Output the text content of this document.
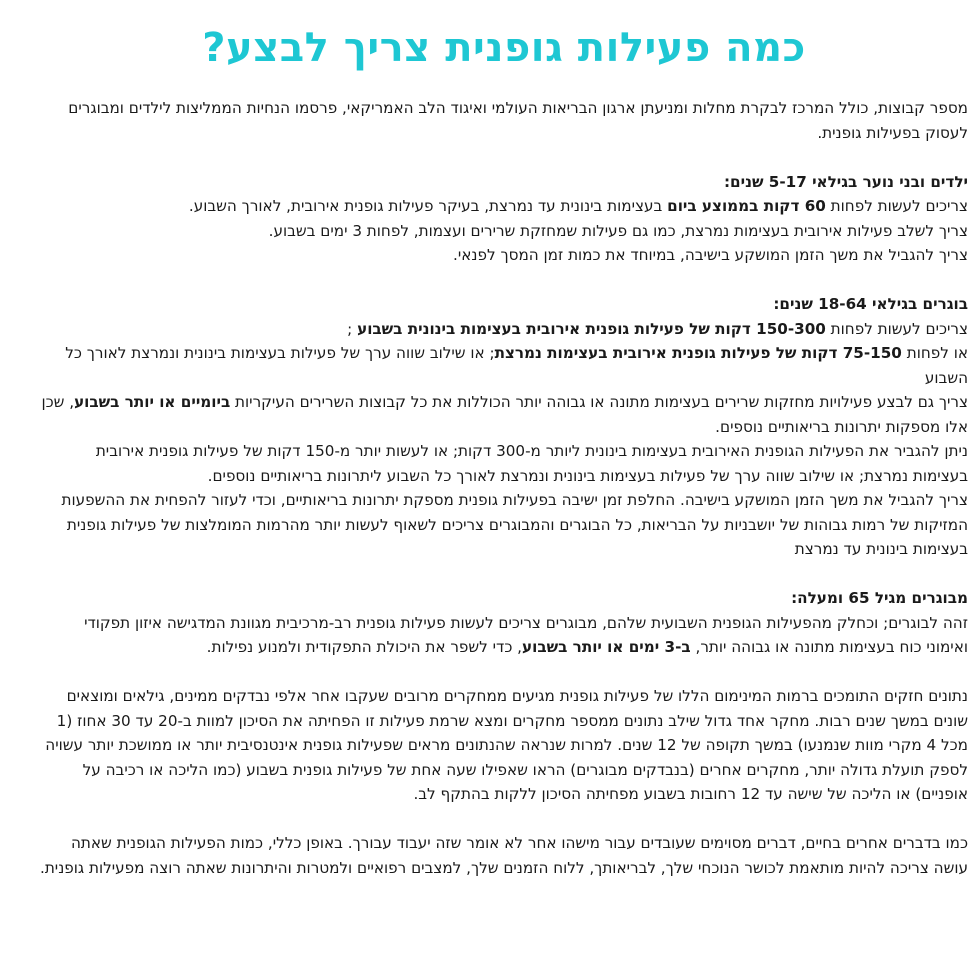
כמה פעילות גופנית צריך לבצע?

מספר קבוצות, כולל המרכז לבקרת מחלות ומניעתן ארגון הבריאות העולמי ואיגוד הלב האמריקאי, פרסמו הנחיות הממליצות לילדים ומבוגרים לעסוק בפעילות גופנית.

ילדים ובני נוער בגילאי 5-17 שנים:
צריכים לעשות לפחות 60 דקות בממוצע ביום בעצימות בינונית עד נמרצת, בעיקר פעילות גופנית אירובית, לאורך השבוע.
צריך לשלב פעילות אירובית בעצימות נמרצת, כמו גם פעילות שמחזקת שרירים ועצמות, לפחות 3 ימים בשבוע.
צריך להגביל את משך הזמן המושקע בישיבה, במיוחד את כמות זמן המסך לפנאי.
בוגרים בגילאי 18-64 שנים:
צריכים לעשות לפחות 150-300 דקות של פעילות גופנית אירובית בעצימות בינונית בשבוע ;
או לפחות 75-150 דקות של פעילות גופנית אירובית בעצימות נמרצת; או שילוב שווה ערך של פעילות בעצימות בינונית ונמרצת לאורך כל השבוע
צריך גם לבצע פעילויות מחזקות שרירים בעצימות מתונה או גבוהה יותר הכוללות את כל קבוצות השרירים העיקריות ביומיים או יותר בשבוע, שכן אלו מספקות יתרונות בריאותיים נוספים.
ניתן להגביר את הפעילות הגופנית האירובית בעצימות בינונית ליותר מ-300 דקות; או לעשות יותר מ-150 דקות של פעילות גופנית אירובית בעצימות נמרצת; או שילוב שווה ערך של פעילות בעצימות בינונית ונמרצת לאורך כל השבוע ליתרונות בריאותיים נוספים.
צריך להגביל את משך הזמן המושקע בישיבה. החלפת זמן ישיבה בפעילות גופנית מספקת יתרונות בריאותיים, וכדי לעזור להפחית את ההשפעות המזיקות של רמות גבוהות של יושבניות על הבריאות, כל הבוגרים והמבוגרים צריכים לשאוף לעשות יותר מהרמות המומלצות של פעילות גופנית בעצימות בינונית עד נמרצת
מבוגרים מגיל 65 ומעלה:
זהה לבוגרים; וכחלק מהפעילות הגופנית השבועית שלהם, מבוגרים צריכים לעשות פעילות גופנית רב-מרכיבית מגוונת המדגישה איזון תפקודי ואימוני כוח בעצימות מתונה או גבוהה יותר, ב-3 ימים או יותר בשבוע, כדי לשפר את היכולת התפקודית ולמנוע נפילות.

נתונים חזקים התומכים ברמות המינימום הללו של פעילות גופנית מגיעים ממחקרים מרובים שעקבו אחר אלפי נבדקים ממינים, גילאים ומוצאים שונים במשך שנים רבות. מחקר אחד גדול שילב נתונים ממספר מחקרים ומצא שרמת פעילות זו הפחיתה את הסיכון למוות ב-20 עד 30 אחוז (1 מכל 4 מקרי מוות שנמנעו) במשך תקופה של 12 שנים. למרות שנראה שהנתונים מראים שפעילות גופנית אינטנסיבית יותר או ממושכת יותר עשויה לספק תועלת גדולה יותר, מחקרים אחרים (בנבדקים מבוגרים) הראו שאפילו שעה אחת של פעילות גופנית בשבוע (כמו הליכה או רכיבה על אופניים) או הליכה של שישה עד 12 רחובות בשבוע מפחיתה הסיכון ללקות בהתקף לב.

כמו בדברים אחרים בחיים, דברים מסוימים שעובדים עבור מישהו אחר לא אומר שזה יעבוד עבורך. באופן כללי, כמות הפעילות הגופנית שאתה עושה צריכה להיות מותאמת לכושר הנוכחי שלך, לבריאותך, ללוח הזמנים שלך, למצבים רפואיים ולמטרות והיתרונות שאתה רוצה מפעילות גופנית.
